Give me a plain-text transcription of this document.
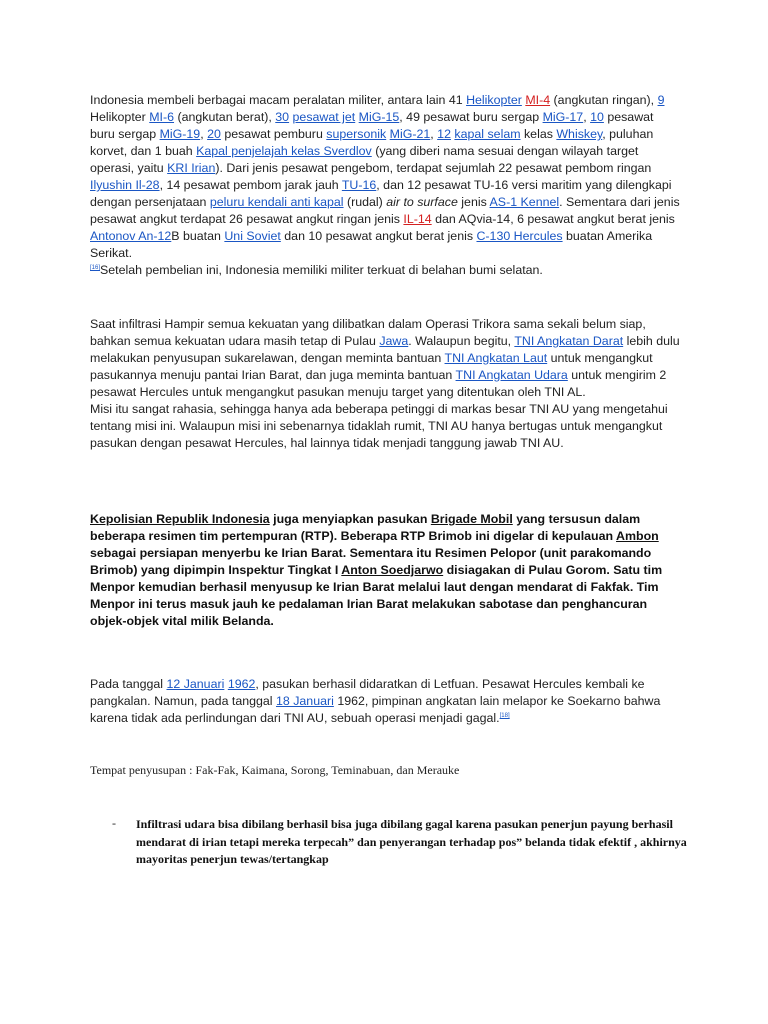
Indonesia membeli berbagai macam peralatan militer, antara lain 41 Helikopter MI-4 (angkutan ringan), 9 Helikopter MI-6 (angkutan berat), 30 pesawat jet MiG-15, 49 pesawat buru sergap MiG-17, 10 pesawat buru sergap MiG-19, 20 pesawat pemburu supersonik MiG-21, 12 kapal selam kelas Whiskey, puluhan korvet, dan 1 buah Kapal penjelajah kelas Sverdlov (yang diberi nama sesuai dengan wilayah target operasi, yaitu KRI Irian). Dari jenis pesawat pengebom, terdapat sejumlah 22 pesawat pembom ringan Ilyushin Il-28, 14 pesawat pembom jarak jauh TU-16, dan 12 pesawat TU-16 versi maritim yang dilengkapi dengan persenjataan peluru kendali anti kapal (rudal) air to surface jenis AS-1 Kennel. Sementara dari jenis pesawat angkut terdapat 26 pesawat angkut ringan jenis IL-14 dan AQvia-14, 6 pesawat angkut berat jenis Antonov An-12B buatan Uni Soviet dan 10 pesawat angkut berat jenis C-130 Hercules buatan Amerika Serikat.
[16]Setelah pembelian ini, Indonesia memiliki militer terkuat di belahan bumi selatan.

Saat infiltrasi Hampir semua kekuatan yang dilibatkan dalam Operasi Trikora sama sekali belum siap, bahkan semua kekuatan udara masih tetap di Pulau Jawa. Walaupun begitu, TNI Angkatan Darat lebih dulu melakukan penyusupan sukarelawan, dengan meminta bantuan TNI Angkatan Laut untuk mengangkut pasukannya menuju pantai Irian Barat, dan juga meminta bantuan TNI Angkatan Udara untuk mengirim 2 pesawat Hercules untuk mengangkut pasukan menuju target yang ditentukan oleh TNI AL.
Misi itu sangat rahasia, sehingga hanya ada beberapa petinggi di markas besar TNI AU yang mengetahui tentang misi ini. Walaupun misi ini sebenarnya tidaklah rumit, TNI AU hanya bertugas untuk mengangkut pasukan dengan pesawat Hercules, hal lainnya tidak menjadi tanggung jawab TNI AU.

Kepolisian Republik Indonesia juga menyiapkan pasukan Brigade Mobil yang tersusun dalam beberapa resimen tim pertempuran (RTP). Beberapa RTP Brimob ini digelar di kepulauan Ambon sebagai persiapan menyerbu ke Irian Barat. Sementara itu Resimen Pelopor (unit parakomando Brimob) yang dipimpin Inspektur Tingkat I Anton Soedjarwo disiagakan di Pulau Gorom. Satu tim Menpor kemudian berhasil menyusup ke Irian Barat melalui laut dengan mendarat di Fakfak. Tim Menpor ini terus masuk jauh ke pedalaman Irian Barat melakukan sabotase dan penghancuran objek-objek vital milik Belanda.

Pada tanggal 12 Januari 1962, pasukan berhasil didaratkan di Letfuan. Pesawat Hercules kembali ke pangkalan. Namun, pada tanggal 18 Januari 1962, pimpinan angkatan lain melapor ke Soekarno bahwa karena tidak ada perlindungan dari TNI AU, sebuah operasi menjadi gagal.[18]

Tempat penyusupan : Fak-Fak, Kaimana, Sorong, Teminabuan, dan Merauke
- Infiltrasi udara bisa dibilang berhasil bisa juga dibilang gagal karena pasukan penerjun payung berhasil mendarat di irian tetapi mereka terpecah” dan penyerangan terhadap pos” belanda tidak efektif , akhirnya mayoritas penerjun tewas/tertangkap
